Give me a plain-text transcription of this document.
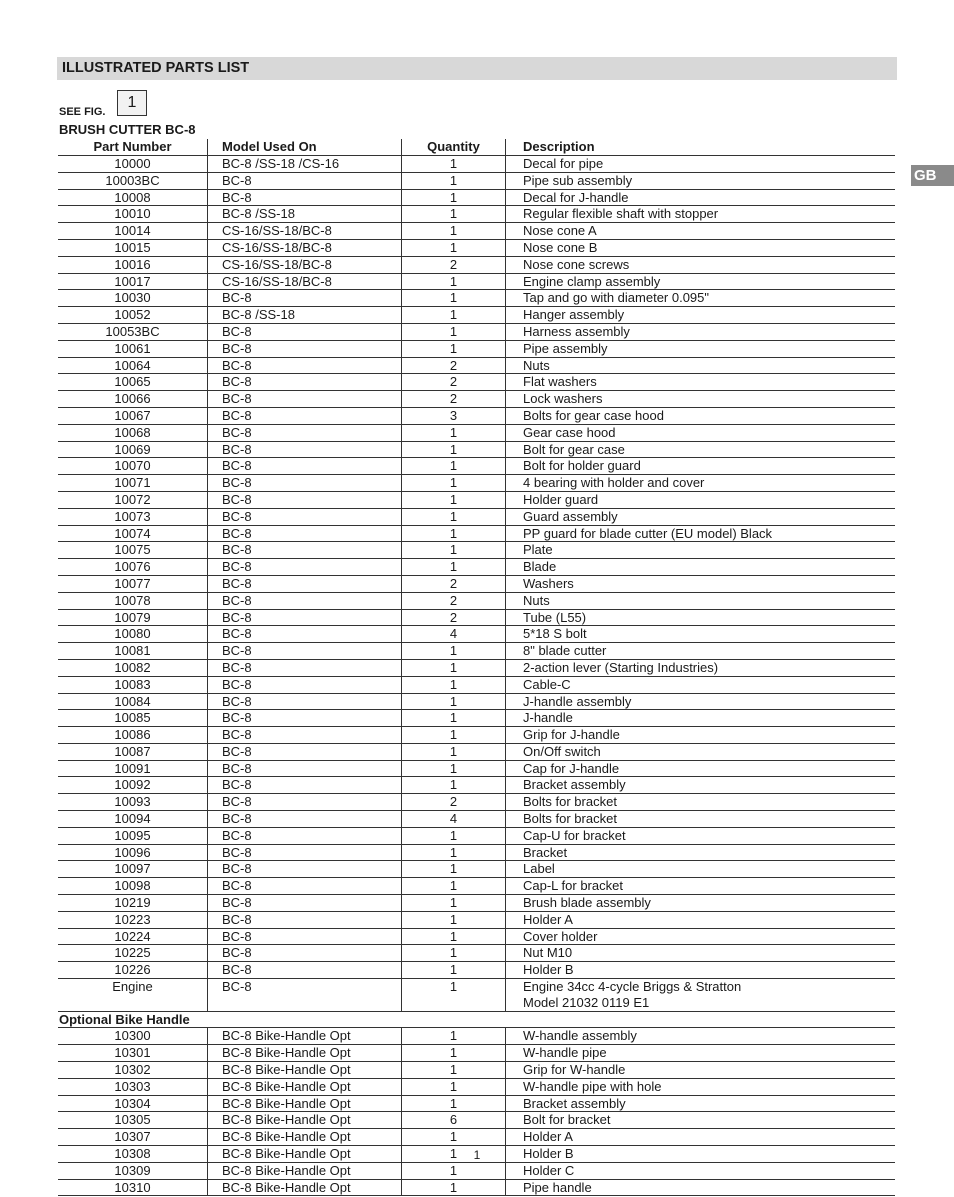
ILLUSTRATED PARTS LIST
GB
1
SEE FIG.
BRUSH CUTTER BC-8
Part Number	Model Used On	Quantity	Description
10000	BC-8 /SS-18 /CS-16	1	Decal for pipe
10003BC	BC-8	1	Pipe sub assembly
10008	BC-8	1	Decal for J-handle
10010	BC-8 /SS-18	1	Regular flexible shaft with stopper
10014	CS-16/SS-18/BC-8	1	Nose cone A
10015	CS-16/SS-18/BC-8	1	Nose cone B
10016	CS-16/SS-18/BC-8	2	Nose cone screws
10017	CS-16/SS-18/BC-8	1	Engine clamp assembly
10030	BC-8	1	Tap and go with diameter 0.095"
10052	BC-8 /SS-18	1	Hanger assembly
10053BC	BC-8	1	Harness assembly
10061	BC-8	1	Pipe assembly
10064	BC-8	2	Nuts
10065	BC-8	2	Flat washers
10066	BC-8	2	Lock washers
10067	BC-8	3	Bolts for gear case hood
10068	BC-8	1	Gear case hood
10069	BC-8	1	Bolt for gear case
10070	BC-8	1	Bolt for holder guard
10071	BC-8	1	4 bearing with holder and cover
10072	BC-8	1	Holder guard
10073	BC-8	1	Guard assembly
10074	BC-8	1	PP guard for blade cutter (EU model) Black
10075	BC-8	1	Plate
10076	BC-8	1	Blade
10077	BC-8	2	Washers
10078	BC-8	2	Nuts
10079	BC-8	2	Tube (L55)
10080	BC-8	4	5*18 S bolt
10081	BC-8	1	8" blade cutter
10082	BC-8	1	2-action lever (Starting Industries)
10083	BC-8	1	Cable-C
10084	BC-8	1	J-handle assembly
10085	BC-8	1	J-handle
10086	BC-8	1	Grip for J-handle
10087	BC-8	1	On/Off switch
10091	BC-8	1	Cap for J-handle
10092	BC-8	1	Bracket assembly
10093	BC-8	2	Bolts for bracket
10094	BC-8	4	Bolts for bracket
10095	BC-8	1	Cap-U for bracket
10096	BC-8	1	Bracket
10097	BC-8	1	Label
10098	BC-8	1	Cap-L for bracket
10219	BC-8	1	Brush blade assembly
10223	BC-8	1	Holder A
10224	BC-8	1	Cover holder
10225	BC-8	1	Nut M10
10226	BC-8	1	Holder B
Engine	BC-8	1	Engine 34cc 4-cycle Briggs & Stratton
Model 21032 0119 E1

Optional Bike Handle			
10300	BC-8 Bike-Handle Opt	1	W-handle assembly
10301	BC-8 Bike-Handle Opt	1	W-handle pipe
10302	BC-8 Bike-Handle Opt	1	Grip for W-handle
10303	BC-8 Bike-Handle Opt	1	W-handle pipe with hole
10304	BC-8 Bike-Handle Opt	1	Bracket assembly
10305	BC-8 Bike-Handle Opt	6	Bolt for bracket
10307	BC-8 Bike-Handle Opt	1	Holder A
10308	BC-8 Bike-Handle Opt	1	Holder B
10309	BC-8 Bike-Handle Opt	1	Holder C
10310	BC-8 Bike-Handle Opt	1	Pipe handle
1
